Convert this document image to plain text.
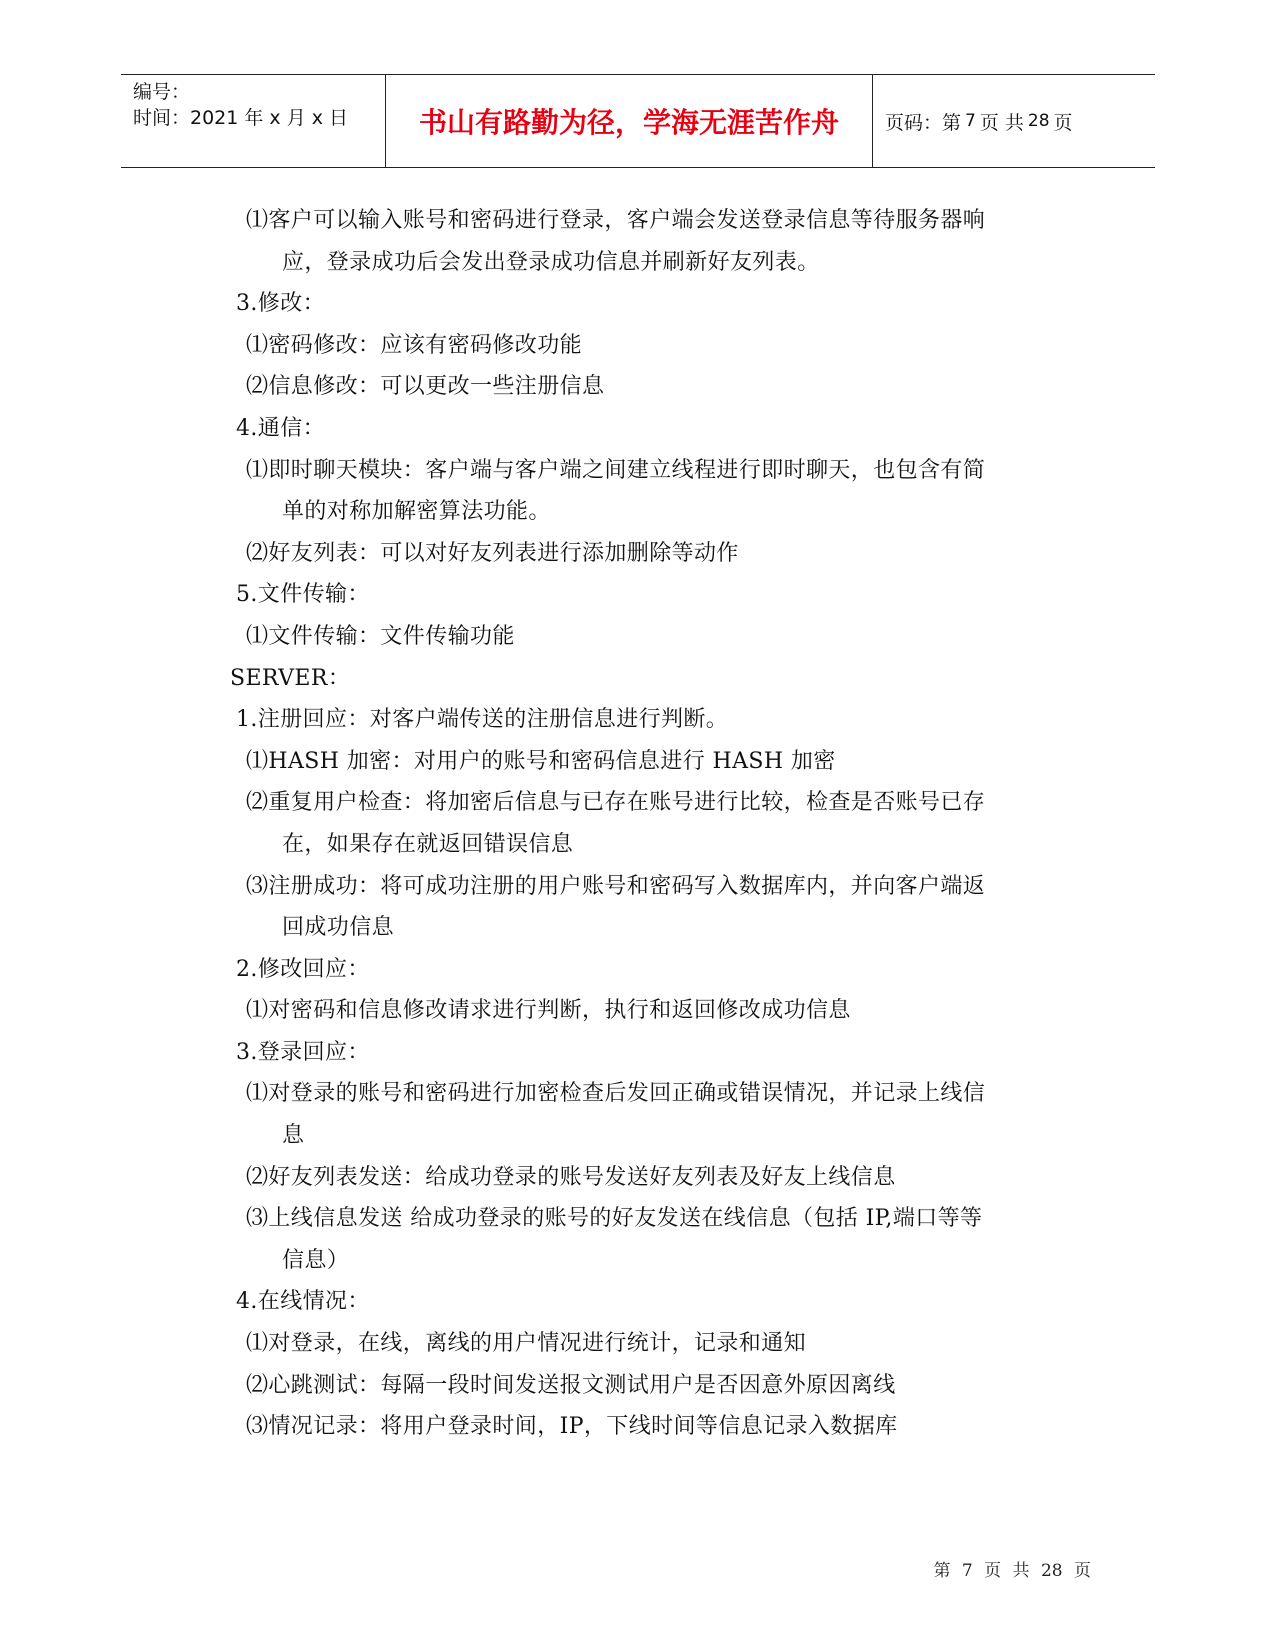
编号：
时间：2021 年 x 月 x 日	书山有路勤为径，学海无涯苦作舟	页码：第 7 页 共 28 页
⑴客户可以输入账号和密码进行登录，客户端会发送登录信息等待服务器响
应，登录成功后会发出登录成功信息并刷新好友列表。
3.修改：
⑴密码修改：应该有密码修改功能
⑵信息修改：可以更改一些注册信息
4.通信：
⑴即时聊天模块：客户端与客户端之间建立线程进行即时聊天，也包含有简
单的对称加解密算法功能。
⑵好友列表：可以对好友列表进行添加删除等动作
5.文件传输：
⑴文件传输：文件传输功能
SERVER：
1.注册回应：对客户端传送的注册信息进行判断。
⑴HASH 加密：对用户的账号和密码信息进行 HASH 加密
⑵重复用户检查：将加密后信息与已存在账号进行比较，检查是否账号已存
在，如果存在就返回错误信息
⑶注册成功：将可成功注册的用户账号和密码写入数据库内，并向客户端返
回成功信息
2.修改回应：
⑴对密码和信息修改请求进行判断，执行和返回修改成功信息
3.登录回应：
⑴对登录的账号和密码进行加密检查后发回正确或错误情况，并记录上线信
息
⑵好友列表发送：给成功登录的账号发送好友列表及好友上线信息
⑶上线信息发送 给成功登录的账号的好友发送在线信息（包括 IP,端口等等
信息）
4.在线情况：
⑴对登录，在线，离线的用户情况进行统计，记录和通知
⑵心跳测试：每隔一段时间发送报文测试用户是否因意外原因离线
⑶情况记录：将用户登录时间，IP，下线时间等信息记录入数据库
第 7 页 共 28 页
